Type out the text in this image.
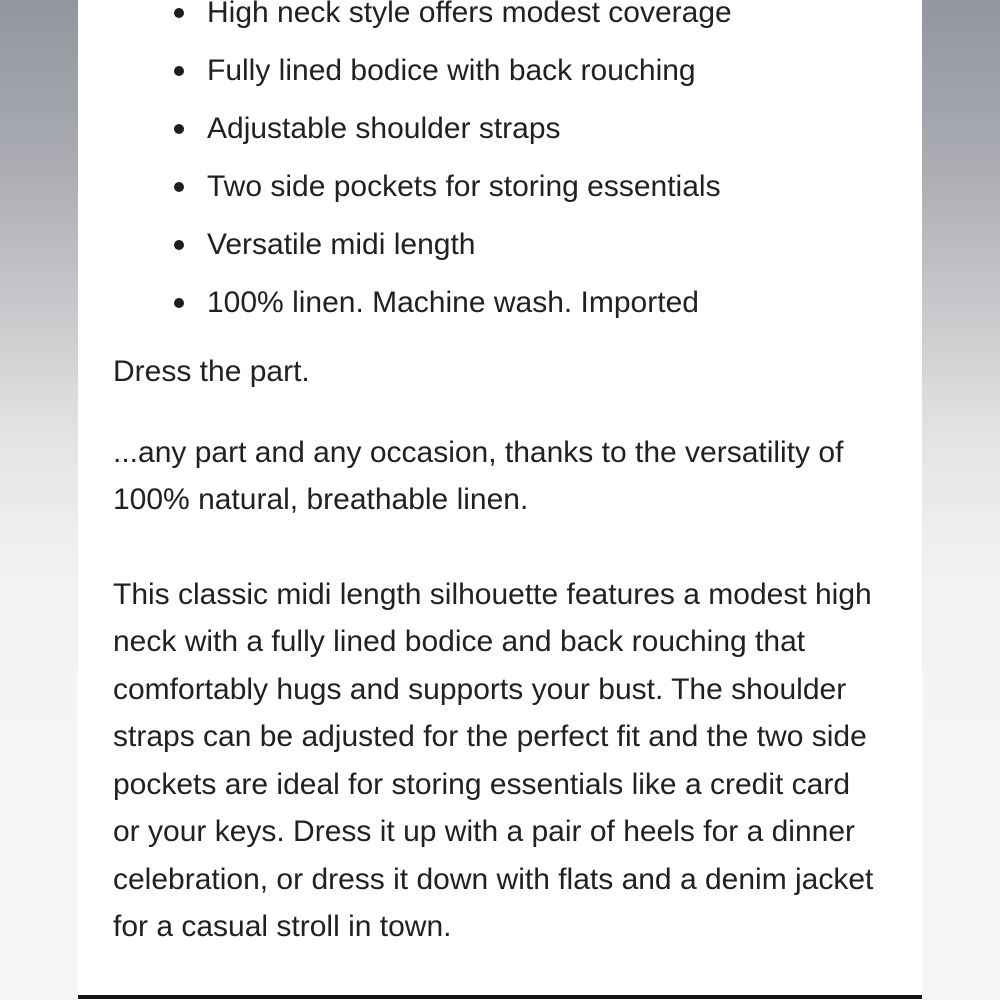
High neck style offers modest coverage
Fully lined bodice with back rouching
Adjustable shoulder straps
Two side pockets for storing essentials
Versatile midi length
100% linen. Machine wash. Imported

Dress the part.

...any part and any occasion, thanks to the versatility of 100% natural, breathable linen.

This classic midi length silhouette features a modest high neck with a fully lined bodice and back rouching that comfortably hugs and supports your bust. The shoulder straps can be adjusted for the perfect fit and the two side pockets are ideal for storing essentials like a credit card or your keys. Dress it up with a pair of heels for a dinner celebration, or dress it down with flats and a denim jacket for a casual stroll in town.
